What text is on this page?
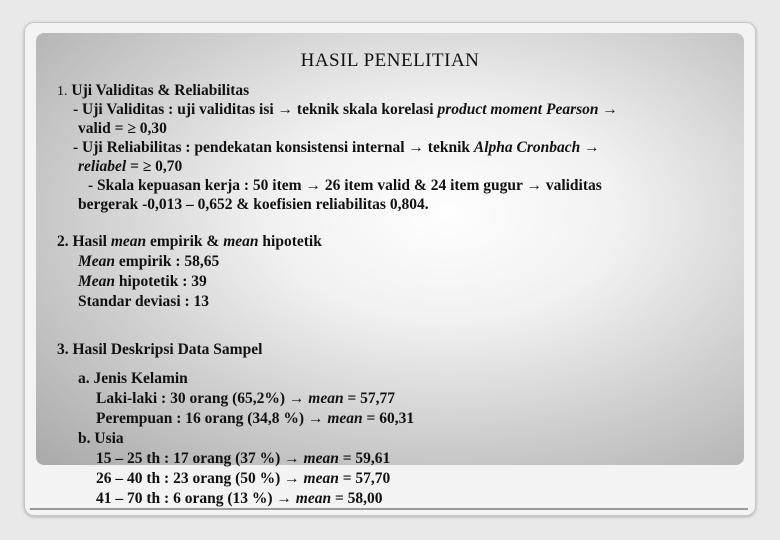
HASIL PENELITIAN
1. Uji Validitas & Reliabilitas
- Uji Validitas : uji validitas isi → teknik skala korelasi product moment Pearson →
valid = ≥ 0,30
- Uji Reliabilitas : pendekatan konsistensi internal → teknik Alpha Cronbach →
reliabel = ≥ 0,70
- Skala kepuasan kerja : 50 item → 26 item valid & 24 item gugur → validitas
bergerak -0,013 – 0,652 & koefisien reliabilitas 0,804.
2. Hasil mean empirik & mean hipotetik
Mean empirik : 58,65
Mean hipotetik : 39
Standar deviasi : 13
3. Hasil Deskripsi Data Sampel
a. Jenis Kelamin
Laki-laki : 30 orang (65,2%) → mean = 57,77
Perempuan : 16 orang (34,8 %) → mean = 60,31
b. Usia
15 – 25 th : 17 orang (37 %) → mean = 59,61
26 – 40 th : 23 orang (50 %) → mean = 57,70
41 – 70 th : 6 orang (13 %) → mean = 58,00
